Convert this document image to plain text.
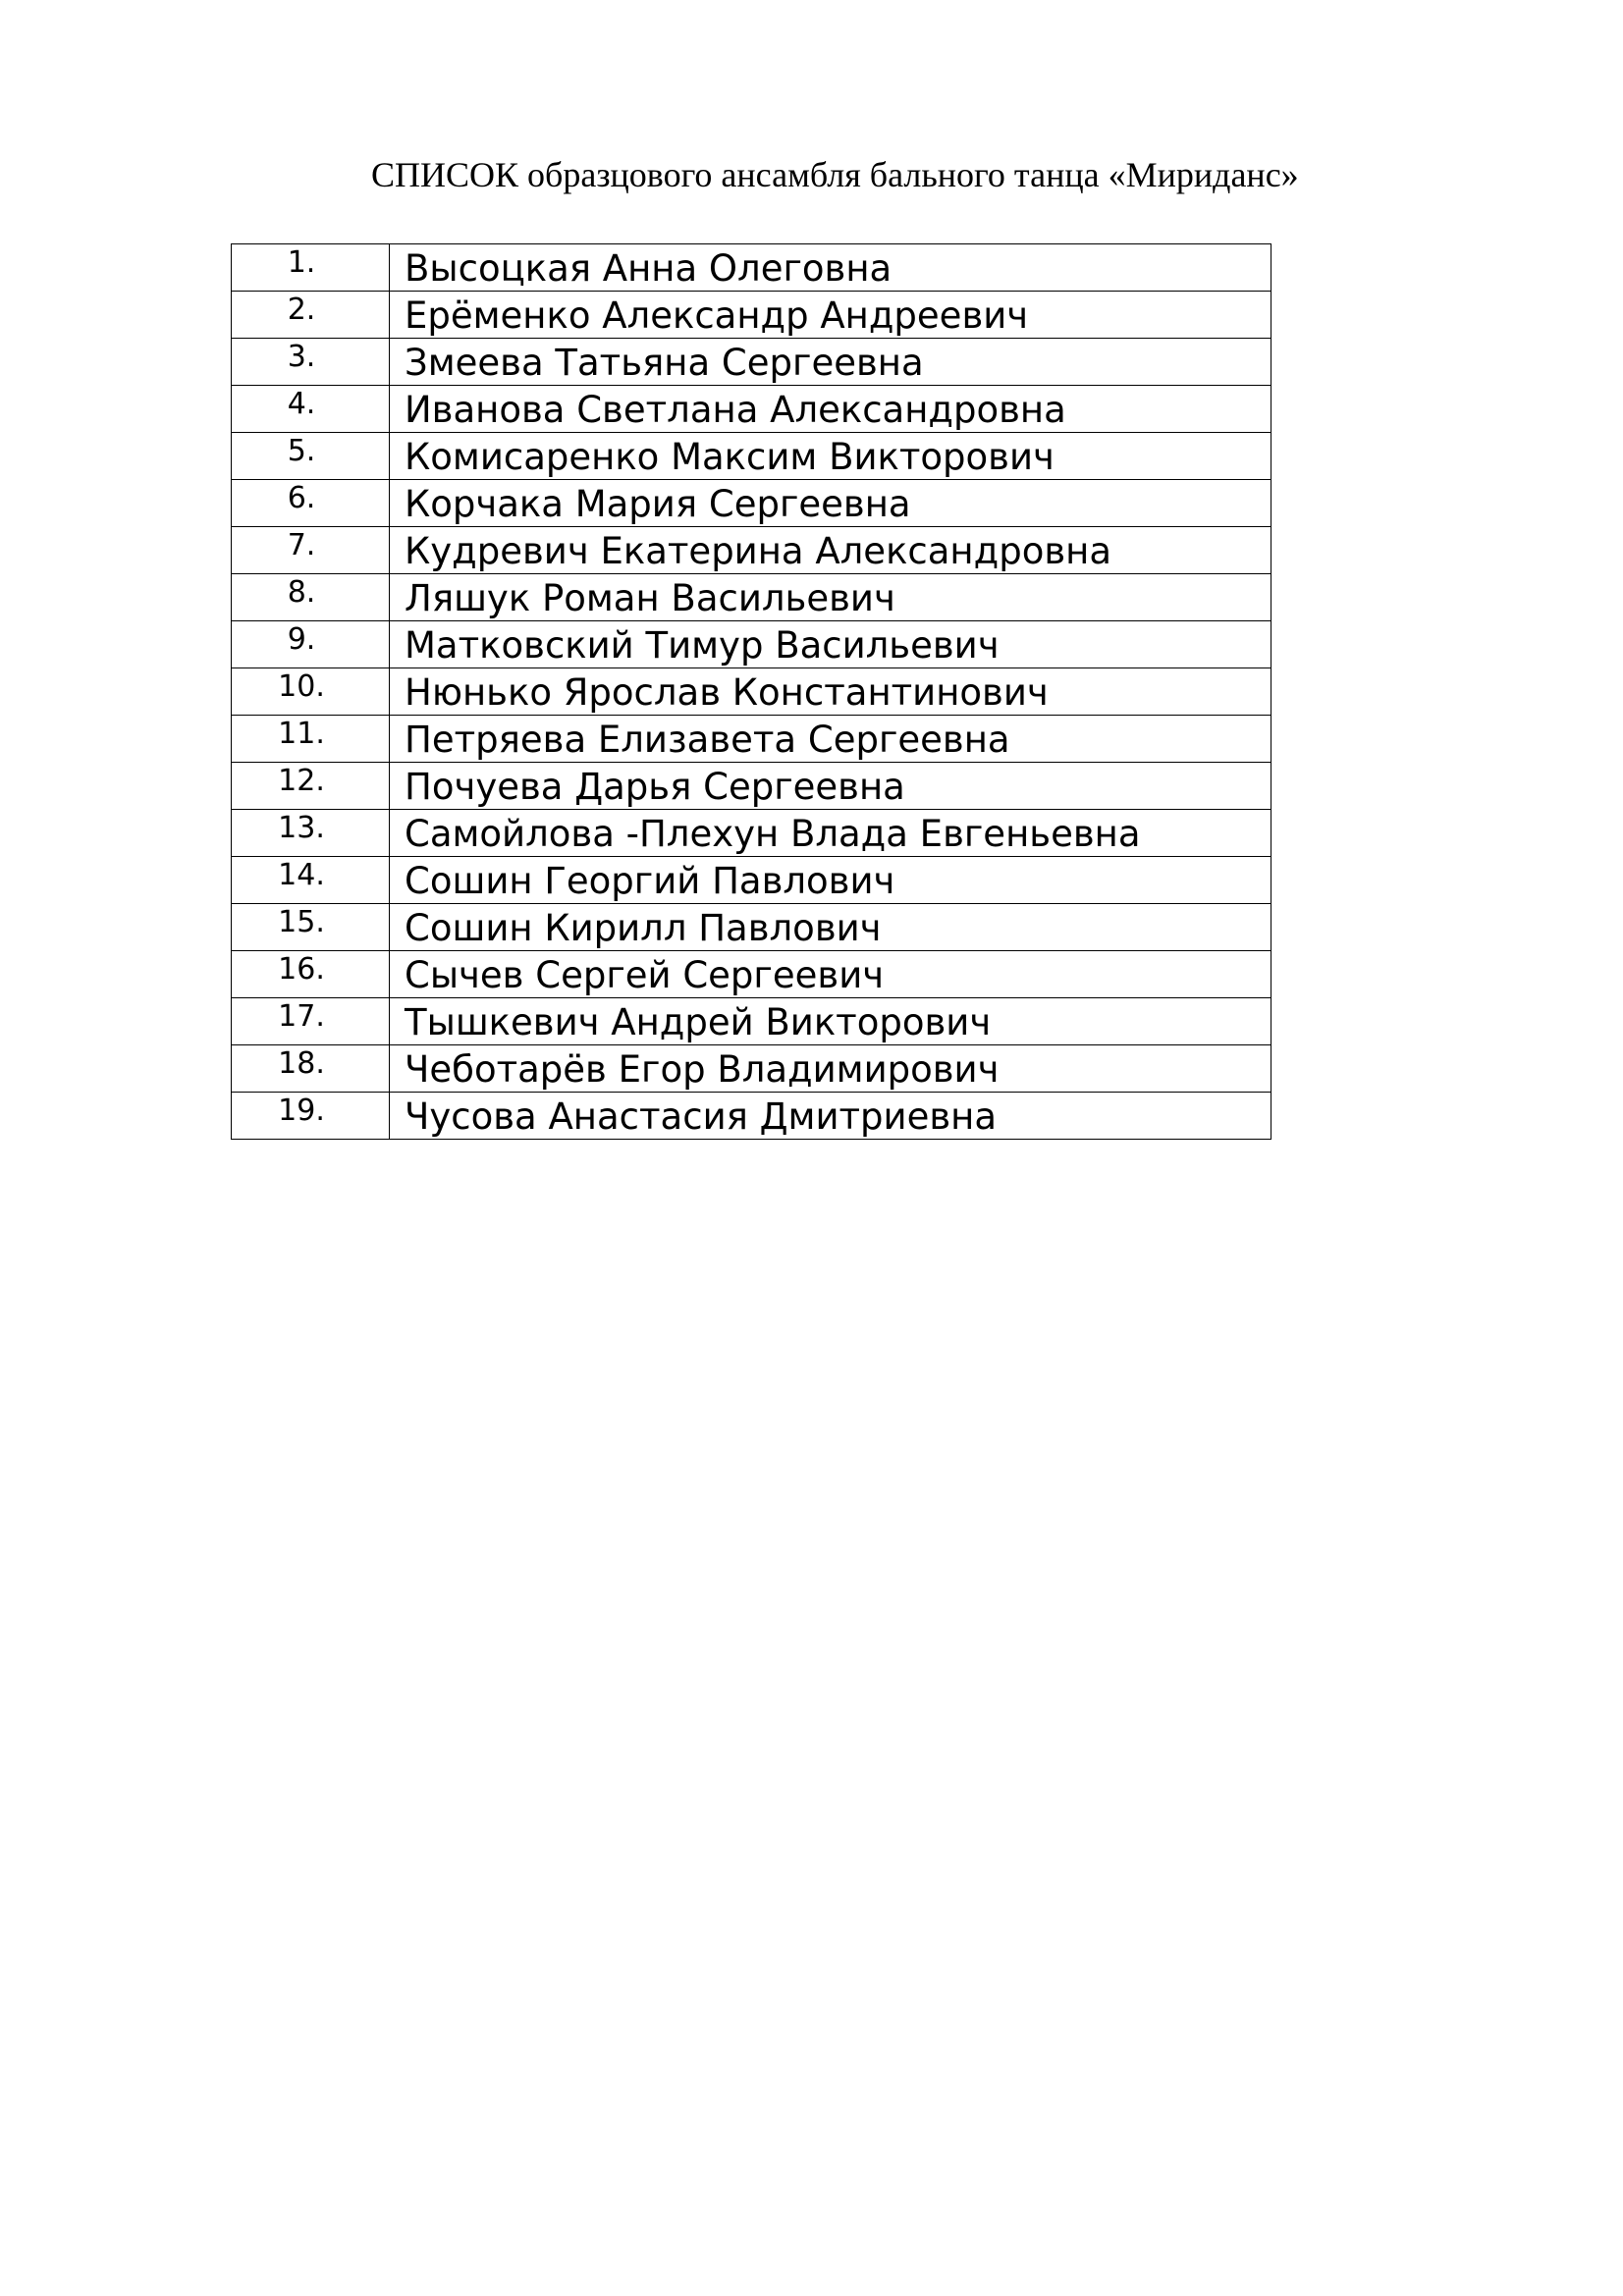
СПИСОК образцового ансамбля бального танца «Мириданс»
1.	Высоцкая Анна Олеговна
2.	Ерёменко Александр Андреевич
3.	Змеева Татьяна Сергеевна
4.	Иванова Светлана Александровна
5.	Комисаренко Максим Викторович
6.	Корчака Мария Сергеевна
7.	Кудревич Екатерина Александровна
8.	Ляшук Роман Васильевич
9.	Матковский Тимур Васильевич
10.	Нюнько Ярослав Константинович
11.	Петряева Елизавета Сергеевна
12.	Почуева Дарья Сергеевна
13.	Самойлова -Плехун Влада Евгеньевна
14.	Сошин Георгий Павлович
15.	Сошин Кирилл Павлович
16.	Сычев Сергей Сергеевич
17.	Тышкевич Андрей Викторович
18.	Чеботарёв Егор Владимирович
19.	Чусова Анастасия Дмитриевна
